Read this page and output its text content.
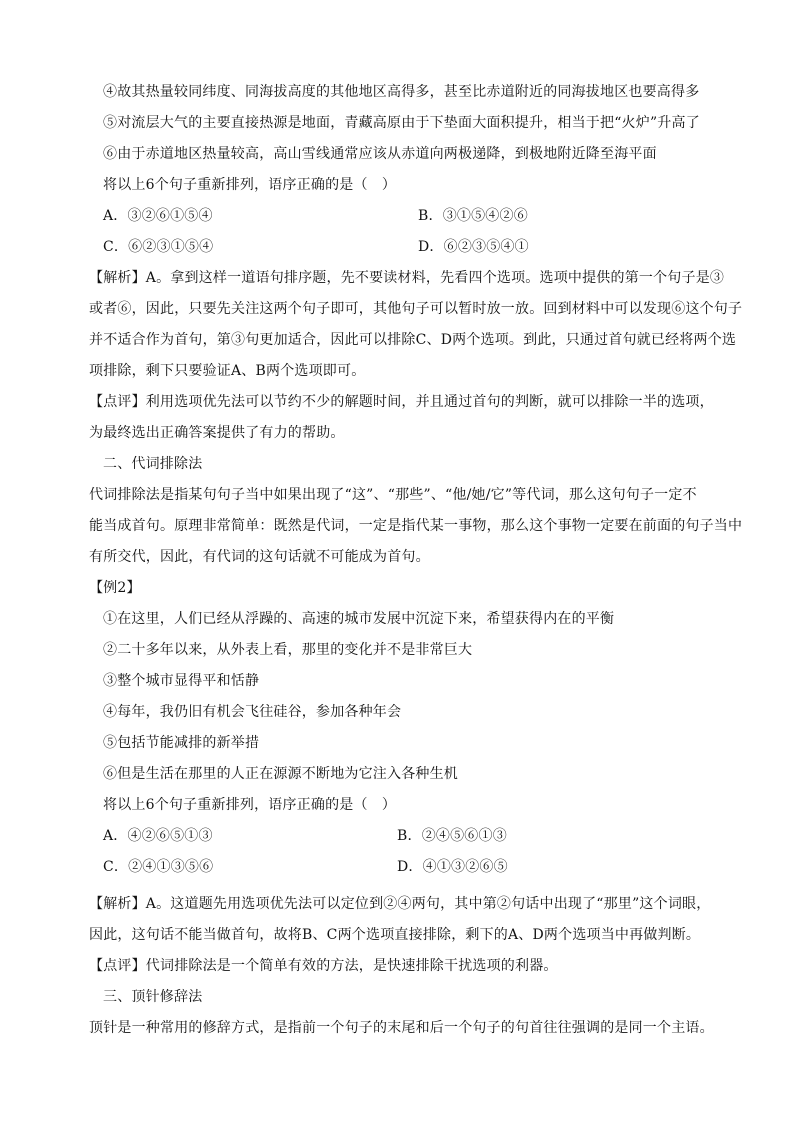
④故其热量较同纬度、同海拔高度的其他地区高得多，甚至比赤道附近的同海拔地区也要高得多
⑤对流层大气的主要直接热源是地面，青藏高原由于下垫面大面积提升，相当于把“火炉”升高了
⑥由于赤道地区热量较高，高山雪线通常应该从赤道向两极递降，到极地附近降至海平面
将以上6个句子重新排列，语序正确的是（　）
A．③②⑥①⑤④	B．③①⑤④②⑥
C．⑥②③①⑤④	D．⑥②③⑤④①
【解析】A。拿到这样一道语句排序题，先不要读材料，先看四个选项。选项中提供的第一个句子是③
或者⑥，因此，只要先关注这两个句子即可，其他句子可以暂时放一放。回到材料中可以发现⑥这个句子
并不适合作为首句，第③句更加适合，因此可以排除C、D两个选项。到此，只通过首句就已经将两个选
项排除，剩下只要验证A、B两个选项即可。
【点评】利用选项优先法可以节约不少的解题时间，并且通过首句的判断，就可以排除一半的选项，
为最终选出正确答案提供了有力的帮助。
二、代词排除法
代词排除法是指某句句子当中如果出现了“这”、“那些”、“他/她/它”等代词，那么这句句子一定不
能当成首句。原理非常简单：既然是代词，一定是指代某一事物，那么这个事物一定要在前面的句子当中
有所交代，因此，有代词的这句话就不可能成为首句。
【例2】
①在这里，人们已经从浮躁的、高速的城市发展中沉淀下来，希望获得内在的平衡
②二十多年以来，从外表上看，那里的变化并不是非常巨大
③整个城市显得平和恬静
④每年，我仍旧有机会飞往硅谷，参加各种年会
⑤包括节能减排的新举措
⑥但是生活在那里的人正在源源不断地为它注入各种生机
将以上6个句子重新排列，语序正确的是（　）
A．④②⑥⑤①③	B．②④⑤⑥①③
C．②④①③⑤⑥	D．④①③②⑥⑤
【解析】A。这道题先用选项优先法可以定位到②④两句，其中第②句话中出现了“那里”这个词眼，
因此，这句话不能当做首句，故将B、C两个选项直接排除，剩下的A、D两个选项当中再做判断。
【点评】代词排除法是一个简单有效的方法，是快速排除干扰选项的利器。
三、顶针修辞法
顶针是一种常用的修辞方式，是指前一个句子的末尾和后一个句子的句首往往强调的是同一个主语。
